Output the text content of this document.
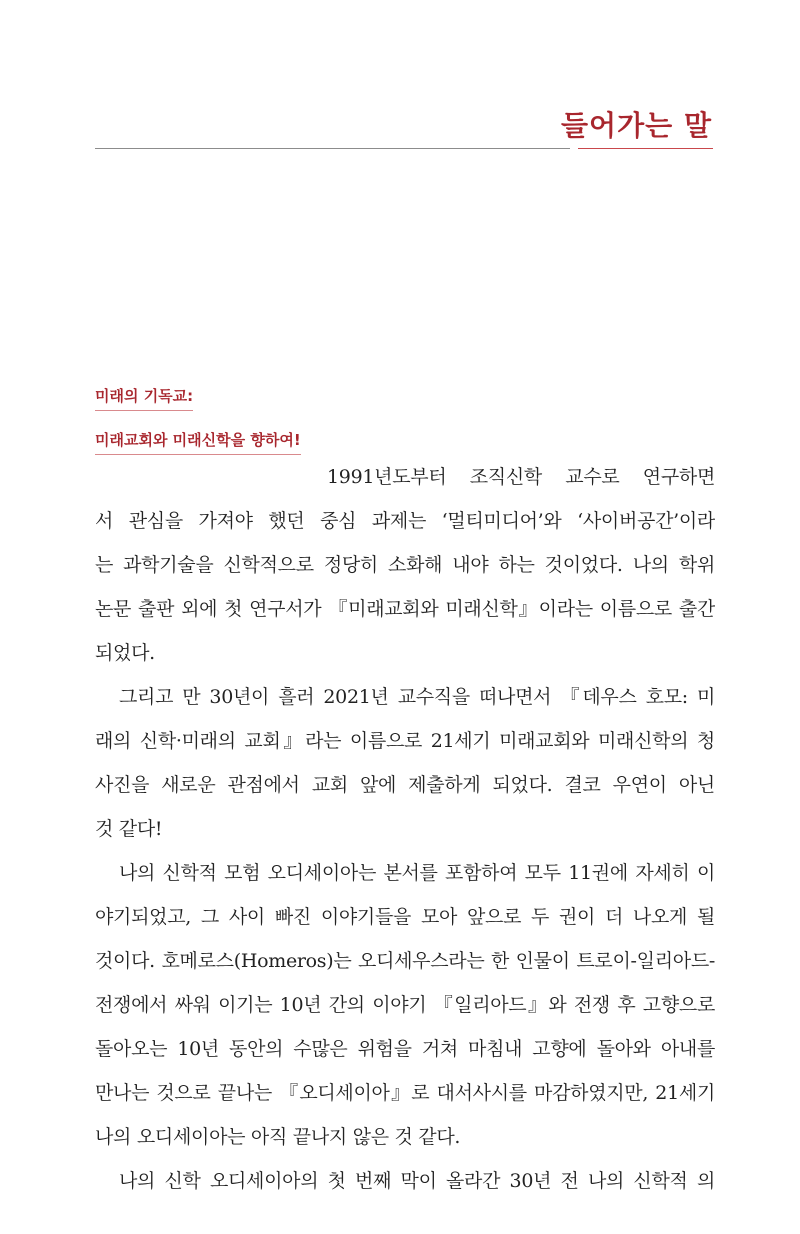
들어가는 말
미래의 기독교:
미래교회와 미래신학을 향하여!
1991년도부터 조직신학 교수로 연구하면
서 관심을 가져야 했던 중심 과제는 ‘멀티미디어’와 ‘사이버공간’이라
는 과학기술을 신학적으로 정당히 소화해 내야 하는 것이었다. 나의 학위
논문 출판 외에 첫 연구서가 『미래교회와 미래신학』이라는 이름으로 출간
되었다.
그리고 만 30년이 흘러 2021년 교수직을 떠나면서 『데우스 호모: 미
래의 신학·미래의 교회』라는 이름으로 21세기 미래교회와 미래신학의 청
사진을 새로운 관점에서 교회 앞에 제출하게 되었다. 결코 우연이 아닌
것 같다!
나의 신학적 모험 오디세이아는 본서를 포함하여 모두 11권에 자세히 이
야기되었고, 그 사이 빠진 이야기들을 모아 앞으로 두 권이 더 나오게 될
것이다. 호메로스(Homeros)는 오디세우스라는 한 인물이 트로이-일리아드-
전쟁에서 싸워 이기는 10년 간의 이야기 『일리아드』와 전쟁 후 고향으로
돌아오는 10년 동안의 수많은 위험을 거쳐 마침내 고향에 돌아와 아내를
만나는 것으로 끝나는 『오디세이아』로 대서사시를 마감하였지만, 21세기
나의 오디세이아는 아직 끝나지 않은 것 같다.
나의 신학 오디세이아의 첫 번째 막이 올라간 30년 전 나의 신학적 의
